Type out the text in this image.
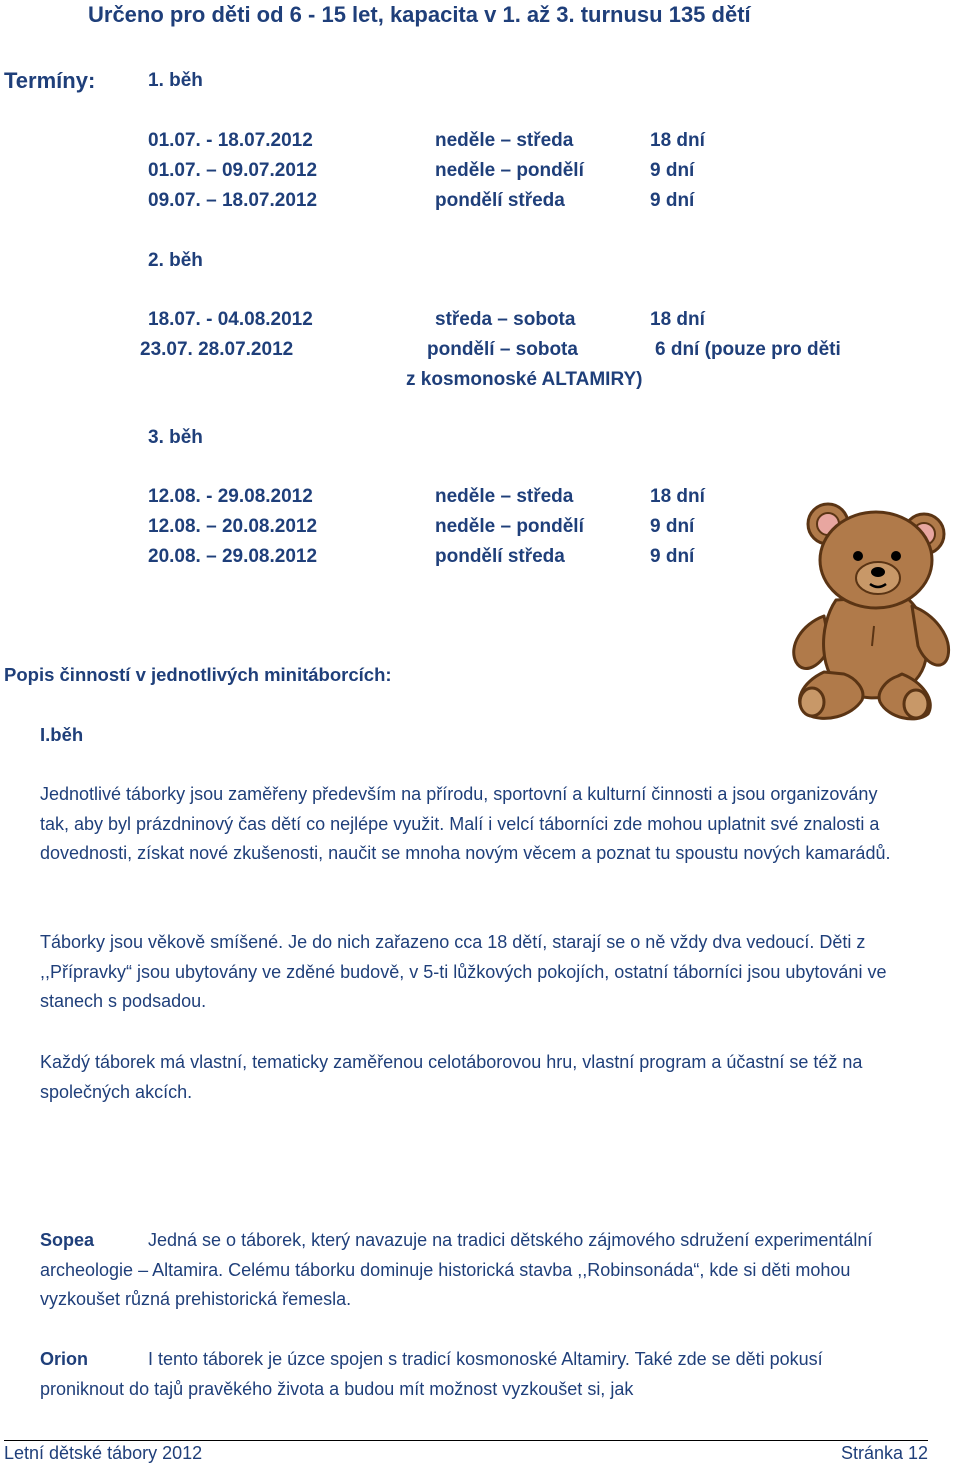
Určeno pro děti od 6 - 15 let, kapacita v 1. až 3. turnusu 135 dětí
Termíny:	1. běh
01.07. - 18.07.2012	neděle – středa	18 dní
01.07. – 09.07.2012	neděle – pondělí	9 dní
09.07. – 18.07.2012	pondělí středa	9 dní
2. běh
18.07. - 04.08.2012	středa – sobota	18 dní
23.07. 28.07.2012	pondělí – sobota	6 dní (pouze pro děti
z kosmonoské ALTAMIRY)
3. běh
12.08. - 29.08.2012	neděle – středa	18 dní
12.08. – 20.08.2012	neděle – pondělí	9 dní
20.08. – 29.08.2012	pondělí středa	9 dní
Popis činností v jednotlivých minitáborcích:
I.běh
Jednotlivé táborky jsou zaměřeny především na přírodu, sportovní a kulturní činnosti a jsou organizovány tak, aby byl prázdninový čas dětí co nejlépe využit. Malí i velcí táborníci zde mohou uplatnit své znalosti a dovednosti, získat nové zkušenosti, naučit se mnoha novým věcem a poznat tu spoustu nových kamarádů.
Táborky jsou věkově smíšené. Je do nich zařazeno cca 18 dětí, starají se o ně vždy dva vedoucí. Děti z ,,Přípravky“ jsou ubytovány ve zděné budově, v 5-ti lůžkových pokojích, ostatní táborníci jsou ubytováni ve stanech s podsadou.
Každý táborek má vlastní, tematicky zaměřenou celotáborovou hru, vlastní program a účastní se též na společných akcích.
Sopea	Jedná se o táborek, který navazuje na tradici dětského zájmového sdružení experimentální archeologie – Altamira. Celému táborku dominuje historická stavba ,,Robinsonáda“, kde si děti mohou vyzkoušet různá prehistorická řemesla.
Orion	I tento táborek je úzce spojen s tradicí kosmonoské Altamiry. Také zde se děti pokusí proniknout do tajů pravěkého života a budou mít možnost vyzkoušet si, jak
Letní dětské tábory 2012	Stránka 12
